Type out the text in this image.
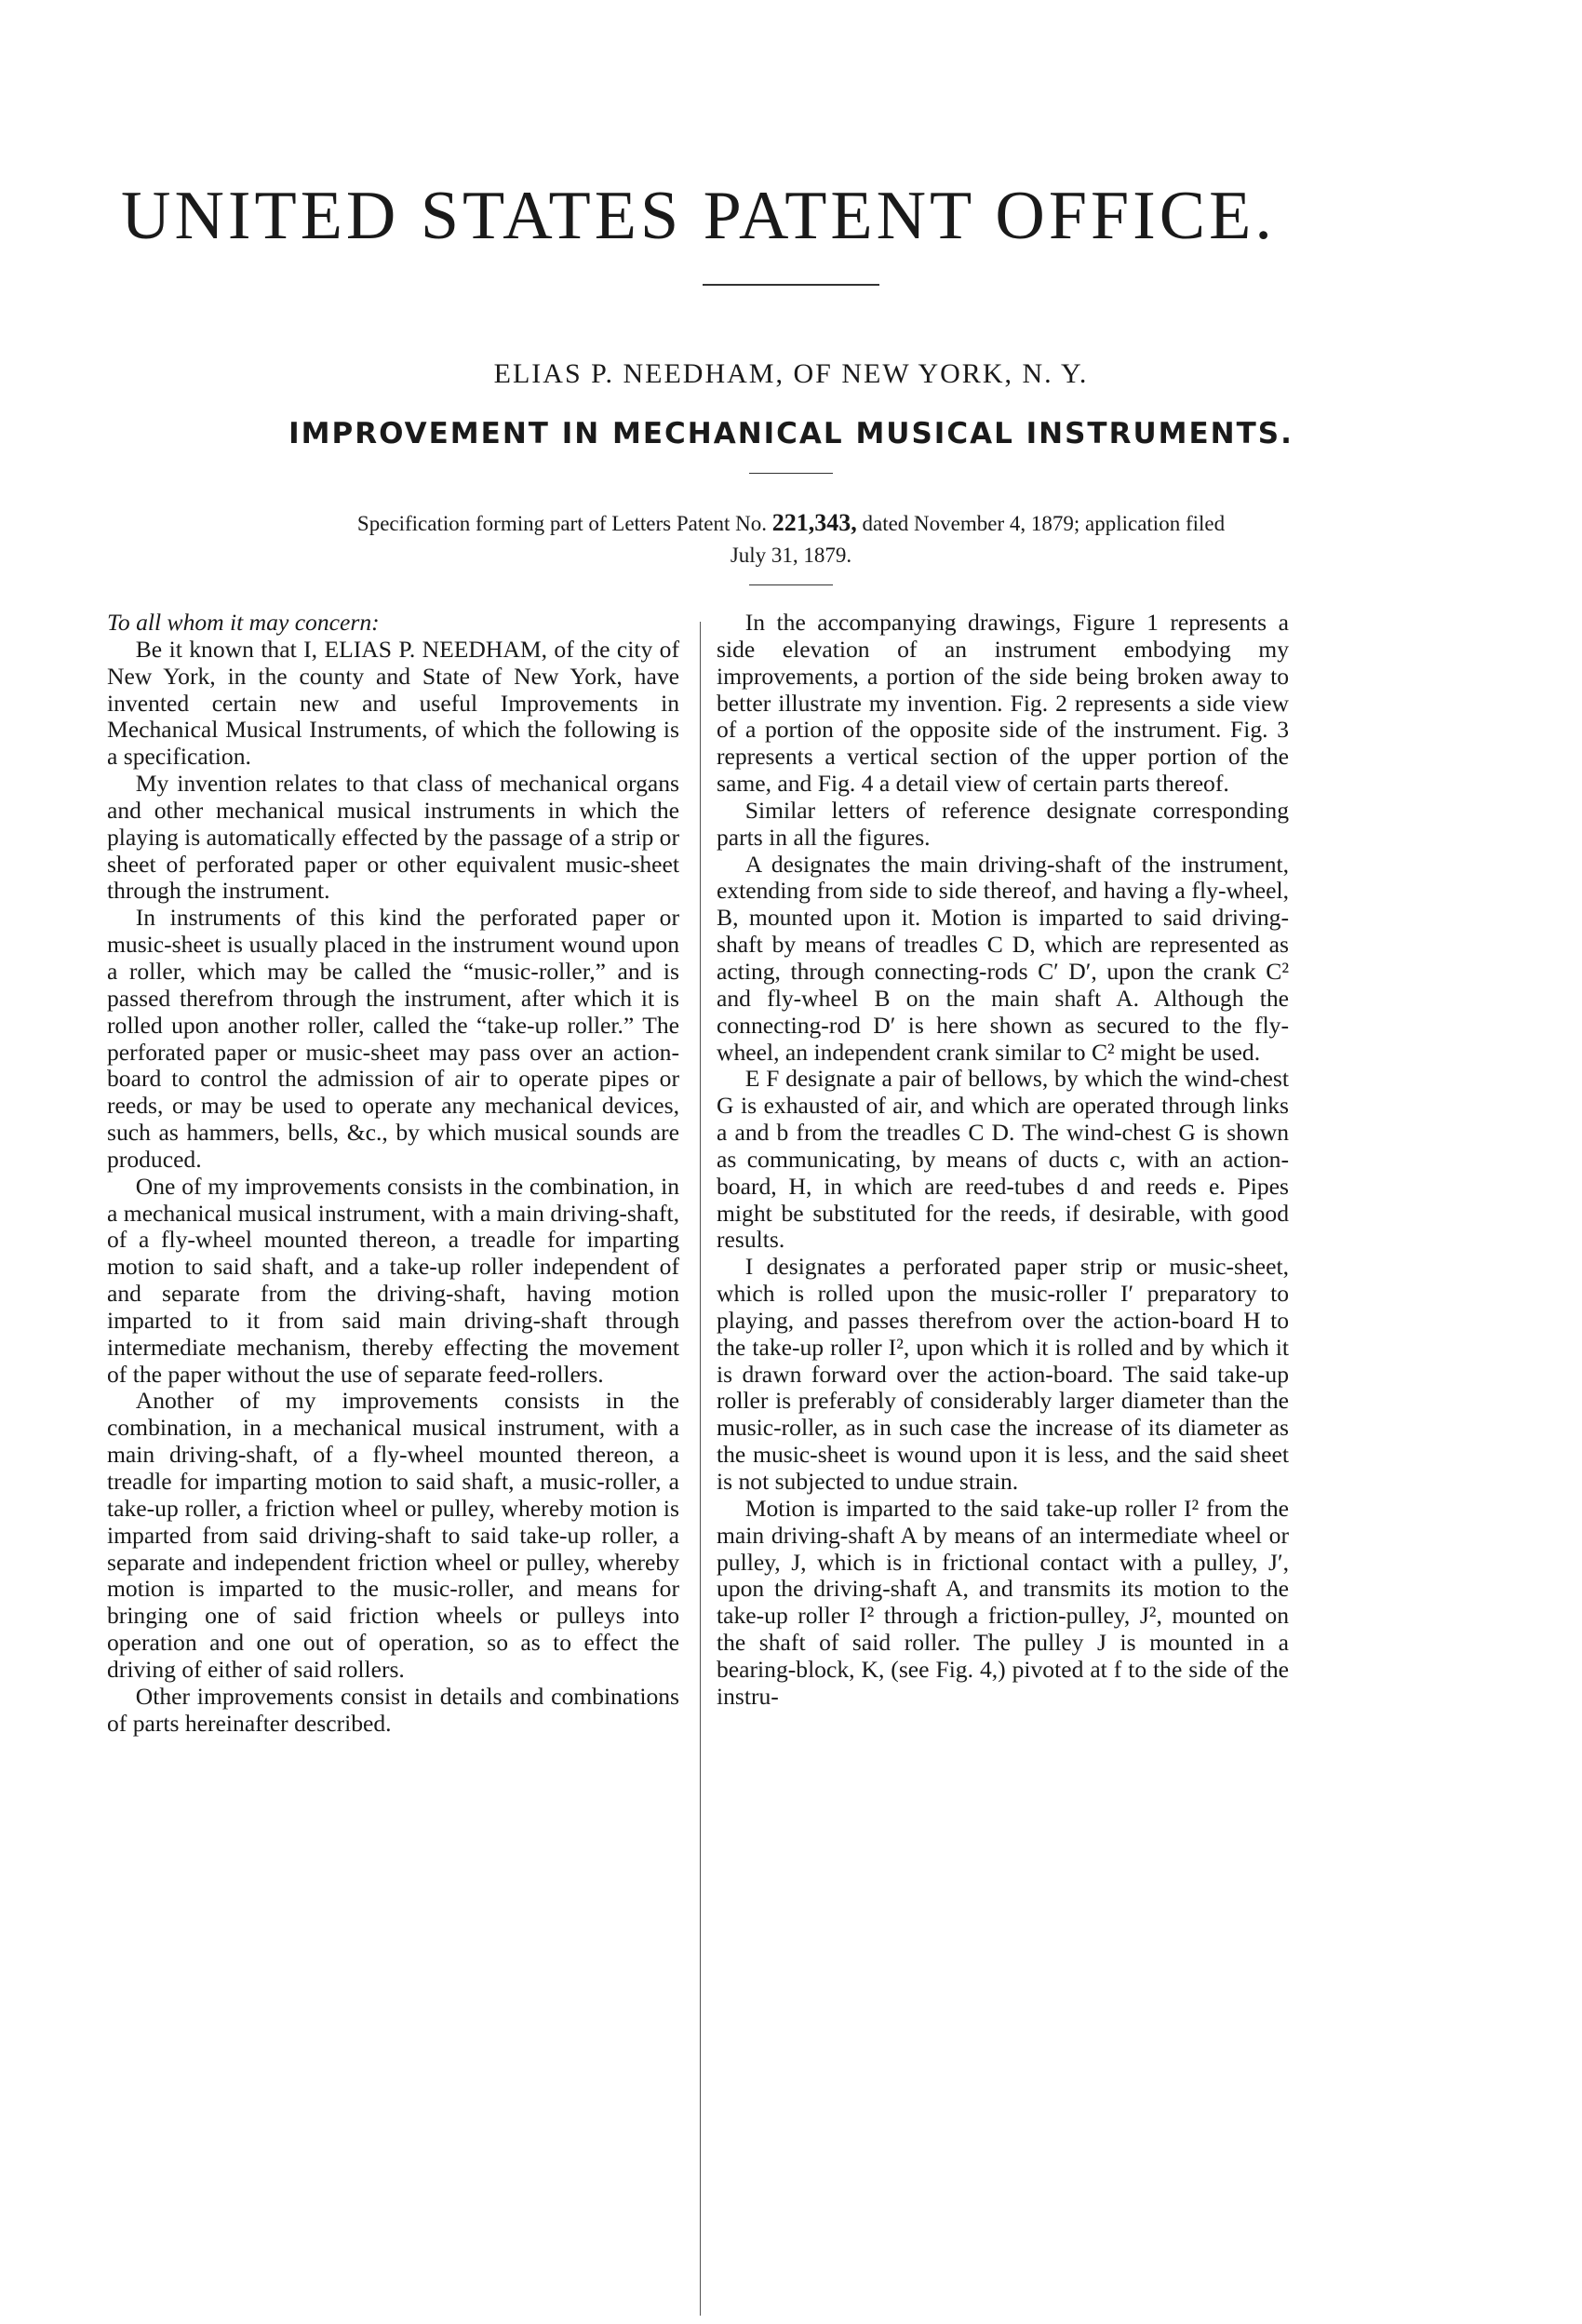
UNITED STATES PATENT OFFICE.
ELIAS P. NEEDHAM, OF NEW YORK, N. Y.
IMPROVEMENT IN MECHANICAL MUSICAL INSTRUMENTS.
Specification forming part of Letters Patent No. 221,343, dated November 4, 1879; application filed
July 31, 1879.

To all whom it may concern:

Be it known that I, ELIAS P. NEEDHAM, of the city of New York, in the county and State of New York, have invented certain new and useful Improvements in Mechanical Musical Instruments, of which the following is a specification.

My invention relates to that class of mechanical organs and other mechanical musical instruments in which the playing is automatically effected by the passage of a strip or sheet of perforated paper or other equivalent music-sheet through the instrument.

In instruments of this kind the perforated paper or music-sheet is usually placed in the instrument wound upon a roller, which may be called the “music-roller,” and is passed therefrom through the instrument, after which it is rolled upon another roller, called the “take-up roller.” The perforated paper or music-sheet may pass over an action-board to control the admission of air to operate pipes or reeds, or may be used to operate any mechanical devices, such as hammers, bells, &c., by which musical sounds are produced.

One of my improvements consists in the combination, in a mechanical musical instrument, with a main driving-shaft, of a fly-wheel mounted thereon, a treadle for imparting motion to said shaft, and a take-up roller independent of and separate from the driving-shaft, having motion imparted to it from said main driving-shaft through intermediate mechanism, thereby effecting the movement of the paper without the use of separate feed-rollers.

Another of my improvements consists in the combination, in a mechanical musical instrument, with a main driving-shaft, of a fly-wheel mounted thereon, a treadle for imparting motion to said shaft, a music-roller, a take-up roller, a friction wheel or pulley, whereby motion is imparted from said driving-shaft to said take-up roller, a separate and independent friction wheel or pulley, whereby motion is imparted to the music-roller, and means for bringing one of said friction wheels or pulleys into operation and one out of operation, so as to effect the driving of either of said rollers.

Other improvements consist in details and combinations of parts hereinafter described.

In the accompanying drawings, Figure 1 represents a side elevation of an instrument embodying my improvements, a portion of the side being broken away to better illustrate my invention. Fig. 2 represents a side view of a portion of the opposite side of the instrument. Fig. 3 represents a vertical section of the upper portion of the same, and Fig. 4 a detail view of certain parts thereof.

Similar letters of reference designate corresponding parts in all the figures.

A designates the main driving-shaft of the instrument, extending from side to side thereof, and having a fly-wheel, B, mounted upon it. Motion is imparted to said driving-shaft by means of treadles C D, which are represented as acting, through connecting-rods C′ D′, upon the crank C² and fly-wheel B on the main shaft A. Although the connecting-rod D′ is here shown as secured to the fly-wheel, an independent crank similar to C² might be used.

E F designate a pair of bellows, by which the wind-chest G is exhausted of air, and which are operated through links a and b from the treadles C D. The wind-chest G is shown as communicating, by means of ducts c, with an action-board, H, in which are reed-tubes d and reeds e. Pipes might be substituted for the reeds, if desirable, with good results.

I designates a perforated paper strip or music-sheet, which is rolled upon the music-roller I′ preparatory to playing, and passes therefrom over the action-board H to the take-up roller I², upon which it is rolled and by which it is drawn forward over the action-board. The said take-up roller is preferably of considerably larger diameter than the music-roller, as in such case the increase of its diameter as the music-sheet is wound upon it is less, and the said sheet is not subjected to undue strain.

Motion is imparted to the said take-up roller I² from the main driving-shaft A by means of an intermediate wheel or pulley, J, which is in frictional contact with a pulley, J′, upon the driving-shaft A, and transmits its motion to the take-up roller I² through a friction-pulley, J², mounted on the shaft of said roller. The pulley J is mounted in a bearing-block, K, (see Fig. 4,) pivoted at f to the side of the instru-
